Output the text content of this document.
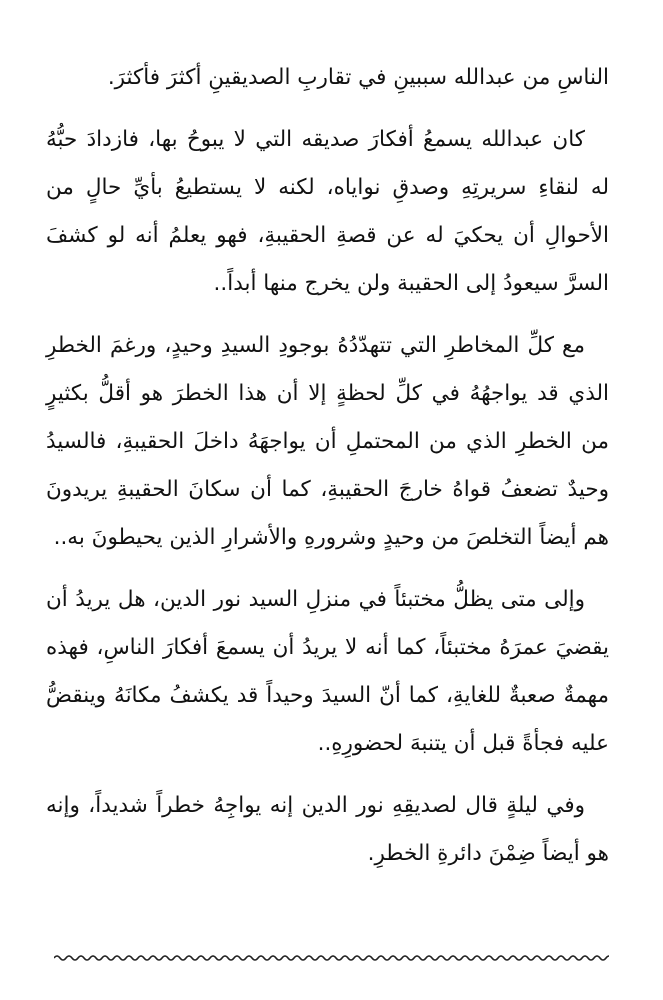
الناسِ من عبدالله سببينِ في تقاربِ الصديقينِ أكثرَ فأكثرَ.

كان عبدالله يسمعُ أفكارَ صديقه التي لا يبوحُ بها، فازدادَ حبُّهُ له لنقاءِ سريرتِهِ وصدقِ نواياه، لكنه لا يستطيعُ بأيِّ حالٍ من الأحوالِ أن يحكيَ له عن قصةِ الحقيبةِ، فهو يعلمُ أنه لو كشفَ السرَّ سيعودُ إلى الحقيبة ولن يخرج منها أبداً..

مع كلِّ المخاطرِ التي تتهدّدُهُ بوجودِ السيدِ وحيدٍ، ورغمَ الخطرِ الذي قد يواجهُهُ في كلِّ لحظةٍ إلا أن هذا الخطرَ هو أقلُّ بكثيرٍ من الخطرِ الذي من المحتملِ أن يواجهَهُ داخلَ الحقيبةِ، فالسيدُ وحيدٌ تضعفُ قواهُ خارجَ الحقيبةِ، كما أن سكانَ الحقيبةِ يريدونَ هم أيضاً التخلصَ من وحيدٍ وشرورهِ والأشرارِ الذين يحيطونَ به..

وإلى متى يظلُّ مختبئاً في منزلِ السيد نور الدين، هل يريدُ أن يقضيَ عمرَهُ مختبئاً، كما أنه لا يريدُ أن يسمعَ أفكارَ الناسِ، فهذه مهمةٌ صعبةٌ للغايةِ، كما أنّ السيدَ وحيداً قد يكشفُ مكانَهُ وينقضُّ عليه فجأةً قبل أن يتنبهَ لحضورِهِ..

وفي ليلةٍ قال لصديقِهِ نور الدين إنه يواجِهُ خطراً شديداً، وإنه هو أيضاً ضِمْنَ دائرةِ الخطرِ.
